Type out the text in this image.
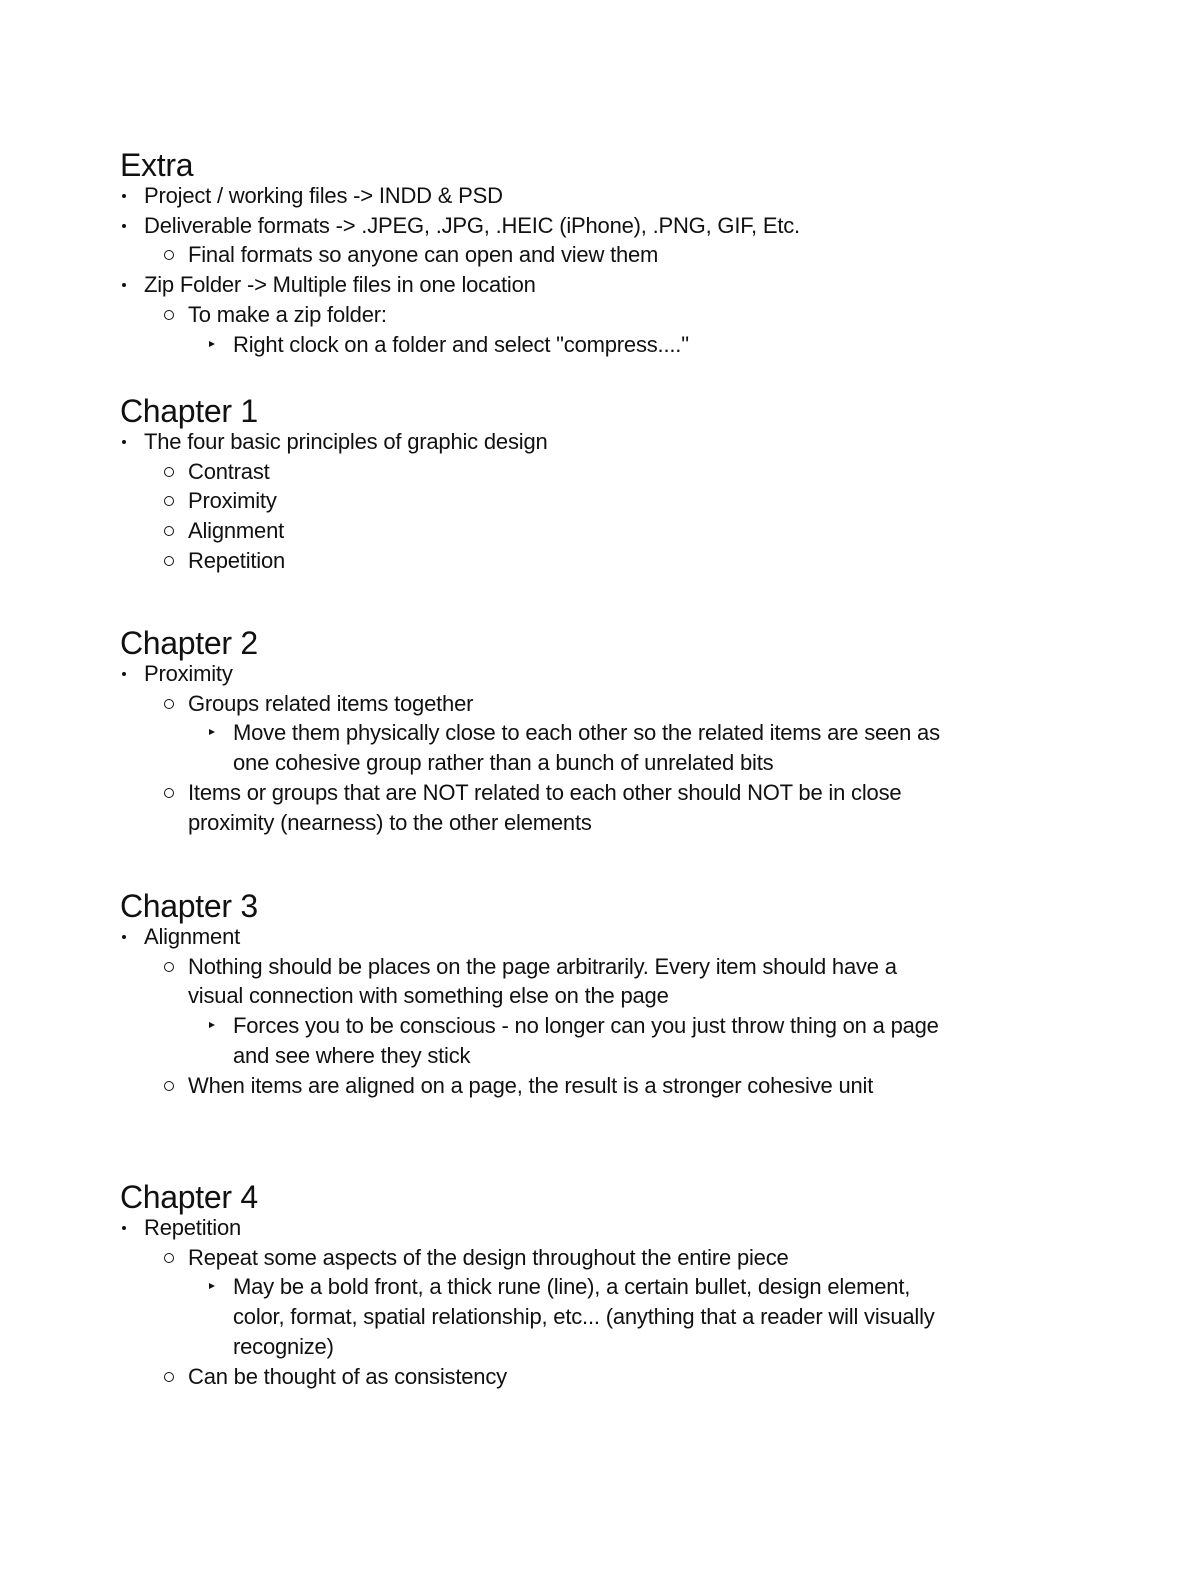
Extra
Project / working files -> INDD & PSD
Deliverable formats -> .JPEG, .JPG, .HEIC (iPhone), .PNG, GIF, Etc.
Final formats so anyone can open and view them
Zip Folder -> Multiple files in one location
To make a zip folder:
Right clock on a folder and select "compress...."
Chapter 1
The four basic principles of graphic design
Contrast
Proximity
Alignment
Repetition
Chapter 2
Proximity
Groups related items together
Move them physically close to each other so the related items are seen as
one cohesive group rather than a bunch of unrelated bits
Items or groups that are NOT related to each other should NOT be in close
proximity (nearness) to the other elements
Chapter 3
Alignment
Nothing should be places on the page arbitrarily. Every item should have a
visual connection with something else on the page
Forces you to be conscious - no longer can you just throw thing on a page
and see where they stick
When items are aligned on a page, the result is a stronger cohesive unit
Chapter 4
Repetition
Repeat some aspects of the design throughout the entire piece
May be a bold front, a thick rune (line), a certain bullet, design element,
color, format, spatial relationship, etc... (anything that a reader will visually
recognize)
Can be thought of as consistency
